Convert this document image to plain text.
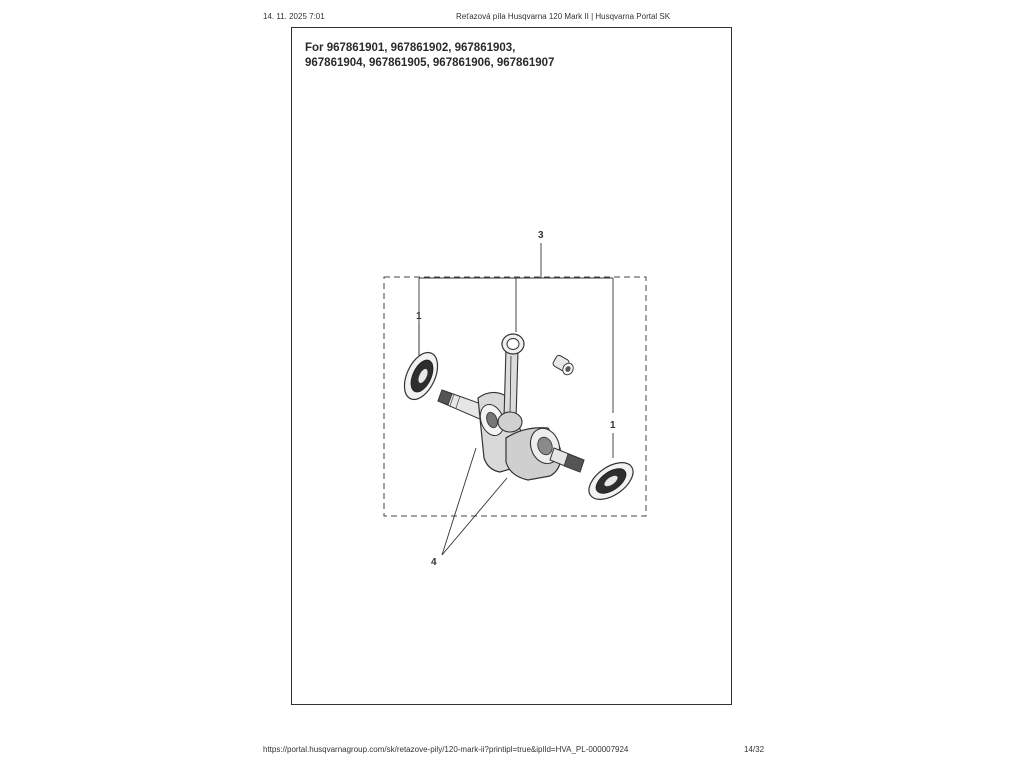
14. 11. 2025 7:01	Reťazová píla Husqvarna 120 Mark II | Husqvarna Portal SK
For 967861901, 967861902, 967861903,
967861904, 967861905, 967861906, 967861907
3
1
1
4
https://portal.husqvarnagroup.com/sk/retazove-pily/120-mark-ii?printipl=true&iplId=HVA_PL-000007924	14/32
